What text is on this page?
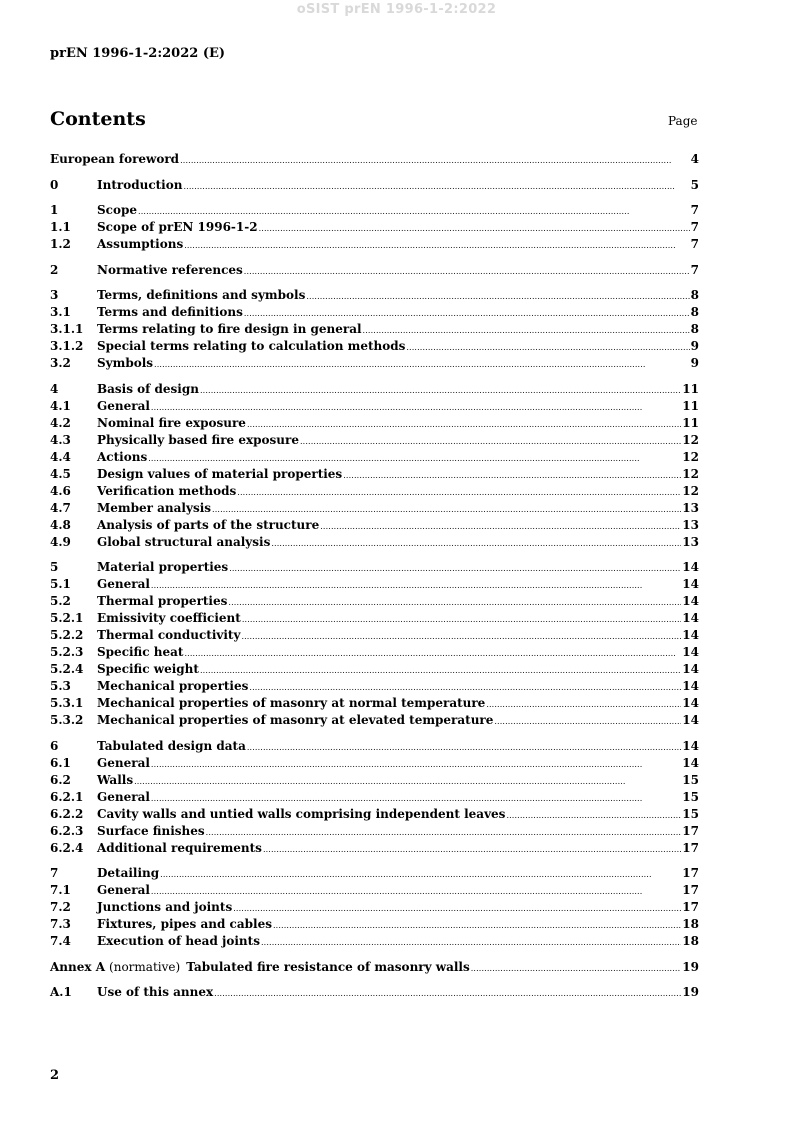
oSIST prEN 1996-1-2:2022
prEN 1996-1-2:2022 (E)
Contents	Page
European foreword . . .	4
0	Introduction . . .	5
1	Scope . . .	7
1.1	Scope of prEN 1996-1-2 . . .	7
1.2	Assumptions . . .	7
2	Normative references . . .	7
3	Terms, definitions and symbols . . .	8
3.1	Terms and definitions . . .	8
3.1.1	Terms relating to fire design in general . . .	8
3.1.2	Special terms relating to calculation methods . . .	9
3.2	Symbols . . .	9
4	Basis of design . . .	11
4.1	General . . .	11
4.2	Nominal fire exposure . . .	11
4.3	Physically based fire exposure . . .	12
4.4	Actions . . .	12
4.5	Design values of material properties . . .	12
4.6	Verification methods . . .	12
4.7	Member analysis . . .	13
4.8	Analysis of parts of the structure . . .	13
4.9	Global structural analysis . . .	13
5	Material properties . . .	14
5.1	General . . .	14
5.2	Thermal properties . . .	14
5.2.1	Emissivity coefficient . . .	14
5.2.2	Thermal conductivity . . .	14
5.2.3	Specific heat . . .	14
5.2.4	Specific weight . . .	14
5.3	Mechanical properties . . .	14
5.3.1	Mechanical properties of masonry at normal temperature . . .	14
5.3.2	Mechanical properties of masonry at elevated temperature . . .	14
6	Tabulated design data . . .	14
6.1	General . . .	14
6.2	Walls . . .	15
6.2.1	General . . .	15
6.2.2	Cavity walls and untied walls comprising independent leaves . . .	15
6.2.3	Surface finishes . . .	17
6.2.4	Additional requirements . . .	17
7	Detailing . . .	17
7.1	General . . .	17
7.2	Junctions and joints . . .	17
7.3	Fixtures, pipes and cables . . .	18
7.4	Execution of head joints . . .	18
Annex A (normative) Tabulated fire resistance of masonry walls . . .	19
A.1	Use of this annex . . .	19
2
